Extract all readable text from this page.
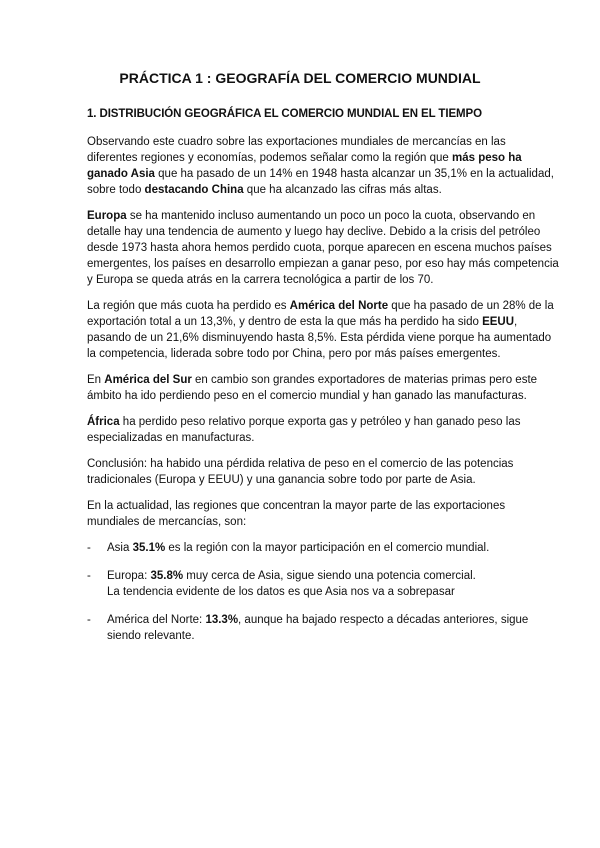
PRÁCTICA 1 : GEOGRAFÍA DEL COMERCIO MUNDIAL
1. DISTRIBUCIÓN GEOGRÁFICA EL COMERCIO MUNDIAL EN EL TIEMPO
Observando este cuadro sobre las exportaciones mundiales de mercancías en las
diferentes regiones y economías, podemos señalar como la región que más peso ha
ganado Asia que ha pasado de un 14% en 1948 hasta alcanzar un 35,1% en la actualidad,
sobre todo destacando China que ha alcanzado las cifras más altas.
Europa se ha mantenido incluso aumentando un poco un poco la cuota, observando en
detalle hay una tendencia de aumento y luego hay declive. Debido a la crisis del petróleo
desde 1973 hasta ahora hemos perdido cuota, porque aparecen en escena muchos países
emergentes, los países en desarrollo empiezan a ganar peso, por eso hay más competencia
y Europa se queda atrás en la carrera tecnológica a partir de los 70.
La región que más cuota ha perdido es América del Norte que ha pasado de un 28% de la
exportación total a un 13,3%, y dentro de esta la que más ha perdido ha sido EEUU,
pasando de un 21,6% disminuyendo hasta 8,5%. Esta pérdida viene porque ha aumentado
la competencia, liderada sobre todo por China, pero por más países emergentes.
En América del Sur en cambio son grandes exportadores de materias primas pero este
ámbito ha ido perdiendo peso en el comercio mundial y han ganado las manufacturas.
África ha perdido peso relativo porque exporta gas y petróleo y han ganado peso las
especializadas en manufacturas.
Conclusión: ha habido una pérdida relativa de peso en el comercio de las potencias
tradicionales (Europa y EEUU) y una ganancia sobre todo por parte de Asia.
En la actualidad, las regiones que concentran la mayor parte de las exportaciones
mundiales de mercancías, son:
- Asia 35.1% es la región con la mayor participación en el comercio mundial.
- Europa: 35.8% muy cerca de Asia, sigue siendo una potencia comercial.
La tendencia evidente de los datos es que Asia nos va a sobrepasar
- América del Norte: 13.3%, aunque ha bajado respecto a décadas anteriores, sigue
siendo relevante.
